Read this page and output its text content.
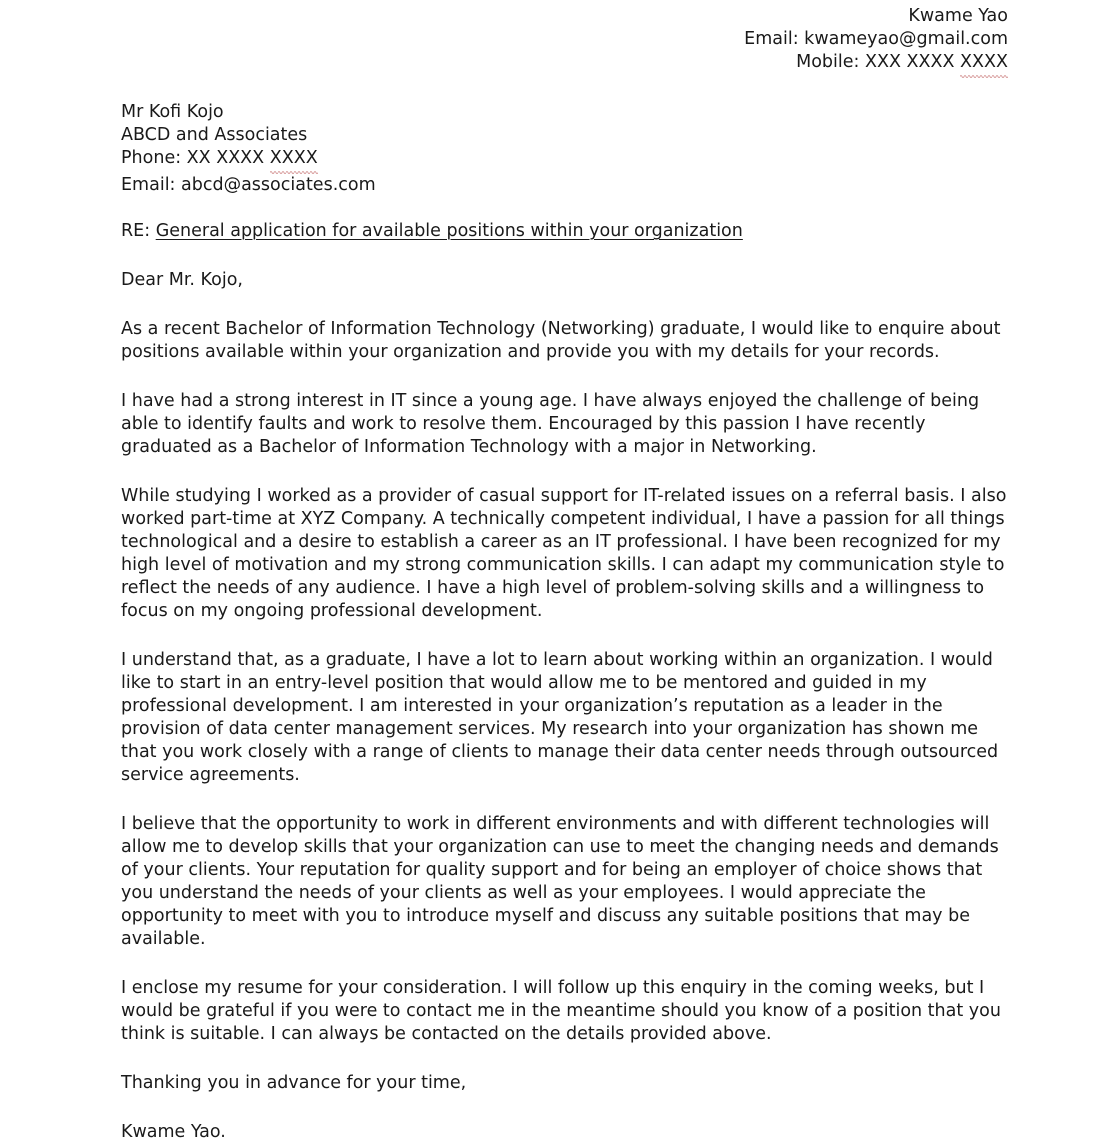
Kwame Yao
Email: kwameyao@gmail.com
Mobile: XXX XXXX XXXX
Mr Kofi Kojo
ABCD and Associates
Phone: XX XXXX XXXX
Email: abcd@associates.com
RE: General application for available positions within your organization
Dear Mr. Kojo,

As a recent Bachelor of Information Technology (Networking) graduate, I would like to enquire about positions available within your organization and provide you with my details for your records.

I have had a strong interest in IT since a young age. I have always enjoyed the challenge of being able to identify faults and work to resolve them. Encouraged by this passion I have recently graduated as a Bachelor of Information Technology with a major in Networking.

While studying I worked as a provider of casual support for IT-related issues on a referral basis. I also worked part-time at XYZ Company. A technically competent individual, I have a passion for all things technological and a desire to establish a career as an IT professional. I have been recognized for my high level of motivation and my strong communication skills. I can adapt my communication style to reflect the needs of any audience. I have a high level of problem-solving skills and a willingness to focus on my ongoing professional development.

I understand that, as a graduate, I have a lot to learn about working within an organization. I would like to start in an entry-level position that would allow me to be mentored and guided in my professional development. I am interested in your organization’s reputation as a leader in the provision of data center management services. My research into your organization has shown me that you work closely with a range of clients to manage their data center needs through outsourced service agreements.

I believe that the opportunity to work in different environments and with different technologies will allow me to develop skills that your organization can use to meet the changing needs and demands of your clients. Your reputation for quality support and for being an employer of choice shows that you understand the needs of your clients as well as your employees. I would appreciate the opportunity to meet with you to introduce myself and discuss any suitable positions that may be available.

I enclose my resume for your consideration. I will follow up this enquiry in the coming weeks, but I would be grateful if you were to contact me in the meantime should you know of a position that you think is suitable. I can always be contacted on the details provided above.

Thanking you in advance for your time,
Kwame Yao.
